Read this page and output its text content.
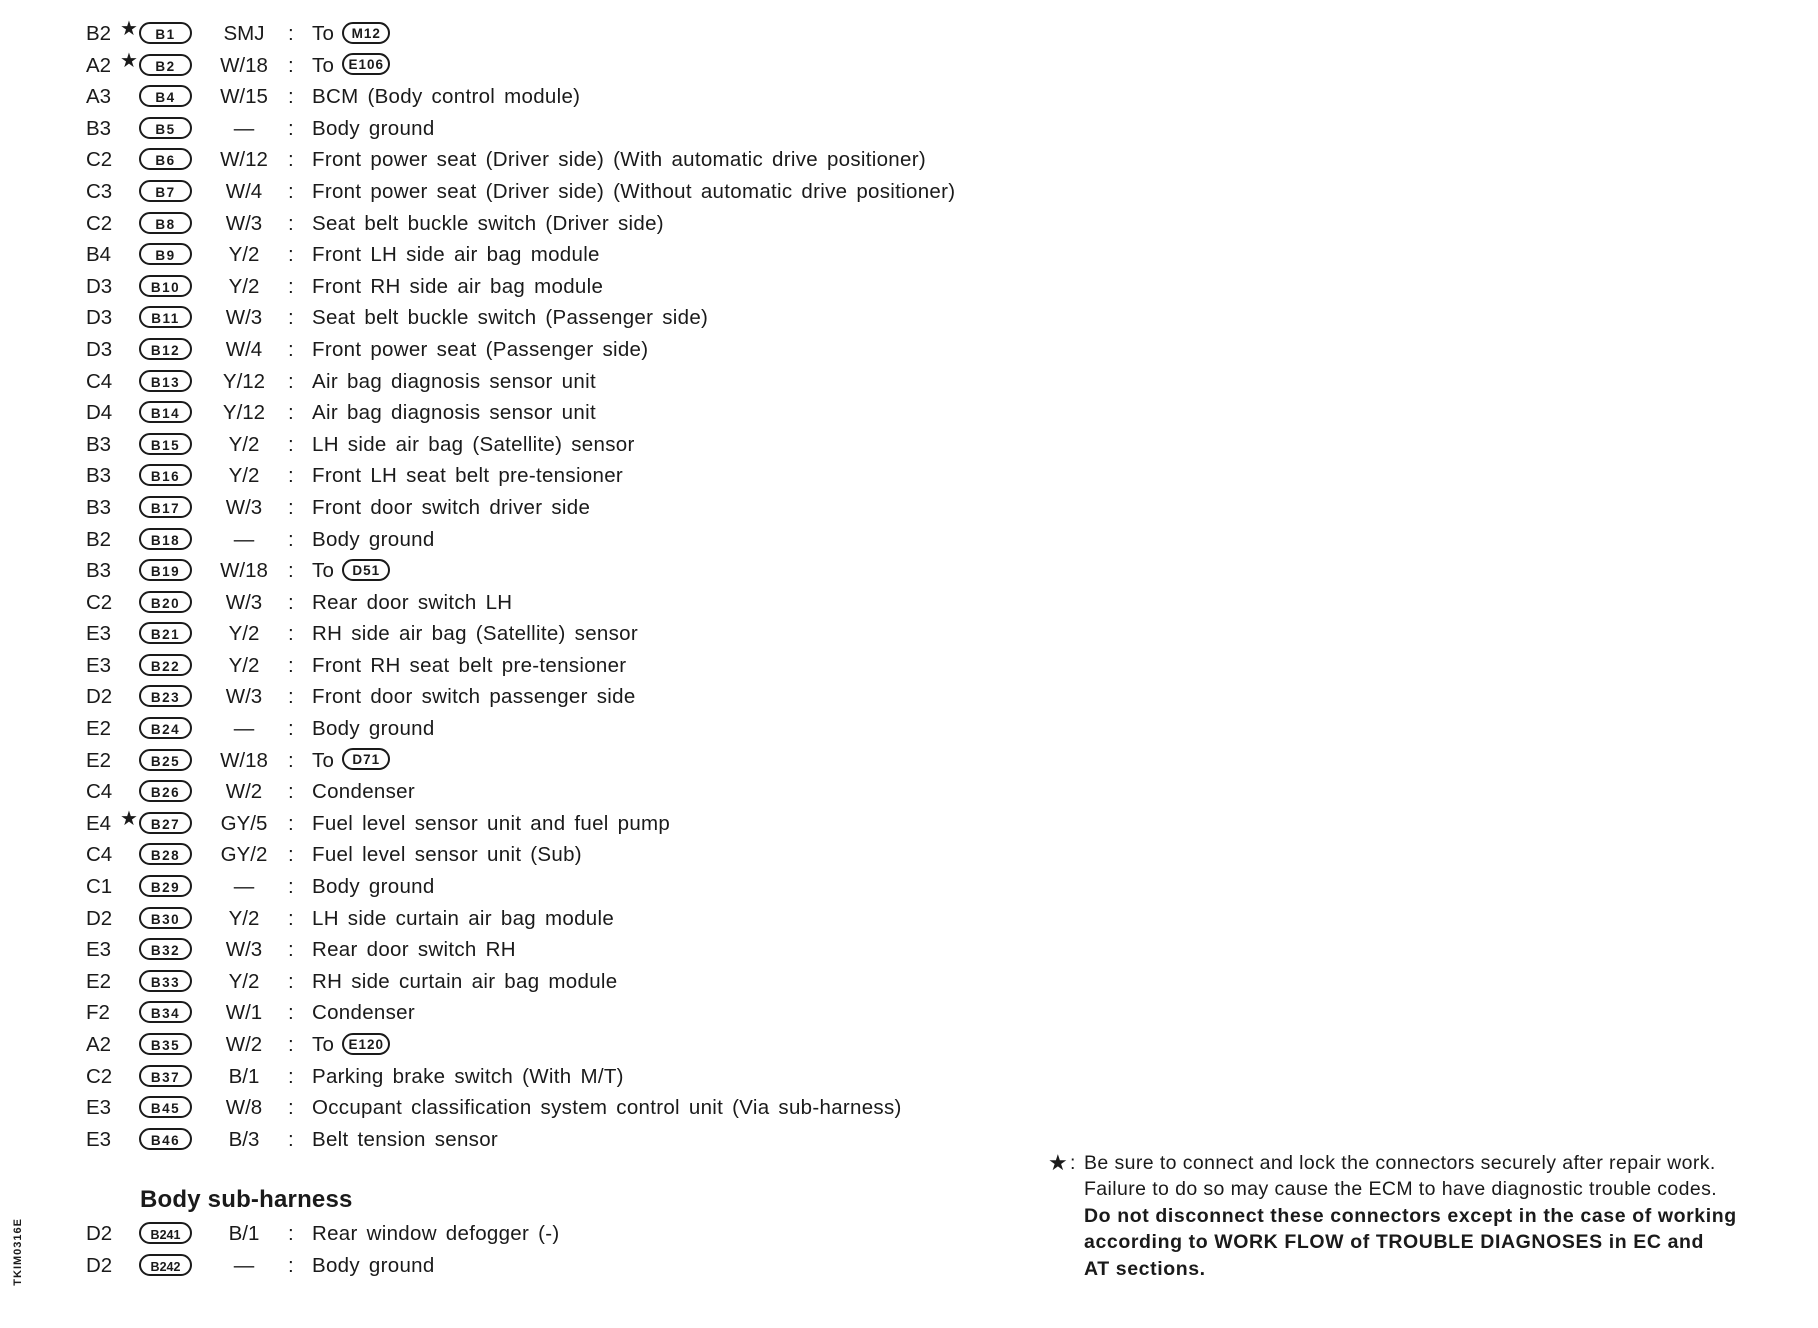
B2 ★	B1	SMJ	: To M12
A2 ★	B2	W/18 : To E106
A3	B4	W/15 : BCM (Body control module)
B3	B5	—	: Body ground
C2	B6	W/12 : Front power seat (Driver side) (With automatic drive positioner)
C3	B7	W/4	: Front power seat (Driver side) (Without automatic drive positioner)
C2	B8	W/3	: Seat belt buckle switch (Driver side)
B4	B9	Y/2	: Front LH side air bag module
D3	B10	Y/2	: Front RH side air bag module
D3	B11	W/3	: Seat belt buckle switch (Passenger side)
D3	B12	W/4	: Front power seat (Passenger side)
C4	B13	Y/12	: Air bag diagnosis sensor unit
D4	B14	Y/12	: Air bag diagnosis sensor unit
B3	B15	Y/2	: LH side air bag (Satellite) sensor
B3	B16	Y/2	: Front LH seat belt pre-tensioner
B3	B17	W/3	: Front door switch driver side
B2	B18	—	: Body ground
B3	B19	W/18 : To D51
C2	B20	W/3	: Rear door switch LH
E3	B21	Y/2	: RH side air bag (Satellite) sensor
E3	B22	Y/2	: Front RH seat belt pre-tensioner
D2	B23	W/3	: Front door switch passenger side
E2	B24	—	: Body ground
E2	B25	W/18 : To D71
C4	B26	W/2	: Condenser
E4 ★ B27	GY/5	: Fuel level sensor unit and fuel pump
C4	B28	GY/2	: Fuel level sensor unit (Sub)
C1	B29	—	: Body ground
D2	B30	Y/2	: LH side curtain air bag module
E3	B32	W/3	: Rear door switch RH
E2	B33	Y/2	: RH side curtain air bag module
F2	B34	W/1	: Condenser
A2	B35	W/2	: To E120
C2	B37	B/1	: Parking brake switch (With M/T)
E3	B45	W/8	: Occupant classification system control unit (Via sub-harness)
E3	B46	B/3	: Belt tension sensor
Body sub-harness
D2	B241	B/1	: Rear window defogger (-)
D2	B242	—	: Body ground
★ : Be sure to connect and lock the connectors securely after repair work.
Failure to do so may cause the ECM to have diagnostic trouble codes.
Do not disconnect these connectors except in the case of working
according to WORK FLOW of TROUBLE DIAGNOSES in EC and
AT sections.
TKIM0316E
